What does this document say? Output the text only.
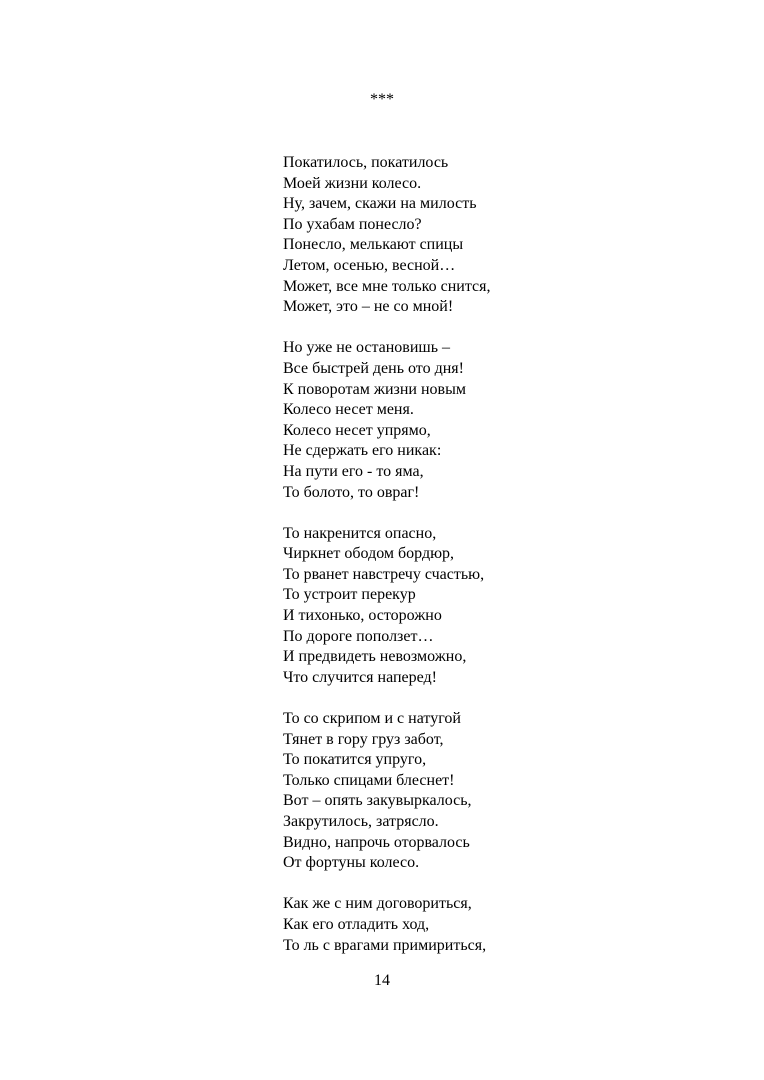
***
Покатилось, покатилось
Моей жизни колесо.
Ну, зачем, скажи на милость
По ухабам понесло?
Понесло, мелькают спицы
Летом, осенью, весной…
Может, все мне только снится,
Может, это – не со мной!
Но уже не остановишь –
Все быстрей день ото дня!
К поворотам жизни новым
Колесо несет меня.
Колесо несет упрямо,
Не сдержать его никак:
На пути его - то яма,
То болото, то овраг!
То накренится опасно,
Чиркнет ободом бордюр,
То рванет навстречу счастью,
То устроит перекур
И тихонько, осторожно
По дороге поползет…
И предвидеть невозможно,
Что случится наперед!
То со скрипом и с натугой
Тянет в гору груз забот,
То покатится упруго,
Только спицами блеснет!
Вот – опять закувыркалось,
Закрутилось, затрясло.
Видно, напрочь оторвалось
От фортуны колесо.
Как же с ним договориться,
Как его отладить ход,
То ль с врагами примириться,
14
